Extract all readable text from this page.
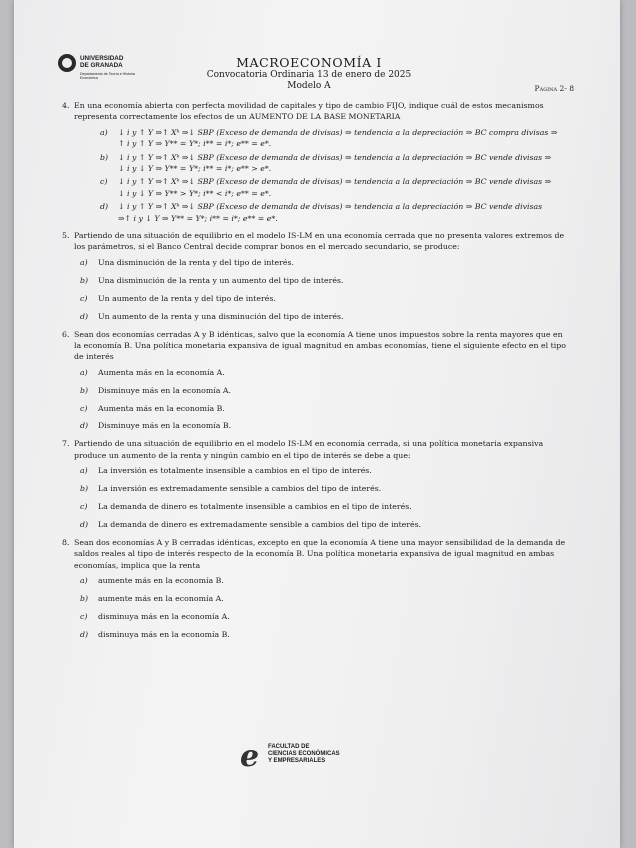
UNIVERSIDAD
DE GRANADA
Departamento de Teoría e Historia
Económica
MACROECONOMÍA I
Convocatoria Ordinaria 13 de enero de 2025
Modelo A	Página 2- 8
4. En una economía abierta con perfecta movilidad de capitales y tipo de cambio FIJO, indique cuál de estos mecanismos representa correctamente los efectos de un AUMENTO DE LA BASE MONETARIA
a) ↓ i y ↑ Y ⇒↑ Xᵏ ⇒↓ SBP (Exceso de demanda de divisas) ⇒ tendencia a la depreciación ⇒ BC compra divisas ⇒
↑ i y ↑ Y ⇒ Y** = Y*; i** = i*; e** = e*.
b) ↓ i y ↑ Y ⇒↑ Xᵏ ⇒↓ SBP (Exceso de demanda de divisas) ⇒ tendencia a la depreciación ⇒ BC vende divisas ⇒
↓ i y ↓ Y ⇒ Y** = Y*; i** = i*; e** > e*.
c) ↓ i y ↑ Y ⇒↑ Xᵏ ⇒↓ SBP (Exceso de demanda de divisas) ⇒ tendencia a la depreciación ⇒ BC vende divisas ⇒
↓ i y ↓ Y ⇒ Y** > Y*; i** < i*; e** = e*.
d) ↓ i y ↑ Y ⇒↑ Xᵏ ⇒↓ SBP (Exceso de demanda de divisas) ⇒ tendencia a la depreciación ⇒ BC vende divisas
⇒↑ i y ↓ Y ⇒ Y** = Y*; i** = i*; e** = e*.
5. Partiendo de una situación de equilibrio en el modelo IS-LM en una economía cerrada que no presenta valores extremos de los parámetros, si el Banco Central decide comprar bonos en el mercado secundario, se produce:
a) Una disminución de la renta y del tipo de interés.
b) Una disminución de la renta y un aumento del tipo de interés.
c) Un aumento de la renta y del tipo de interés.
d) Un aumento de la renta y una disminución del tipo de interés.
6. Sean dos economías cerradas A y B idénticas, salvo que la economía A tiene unos impuestos sobre la renta mayores que en la economía B. Una política monetaria expansiva de igual magnitud en ambas economías, tiene el siguiente efecto en el tipo de interés
a) Aumenta más en la economía A.
b) Disminuye más en la economía A.
c) Aumenta más en la economía B.
d) Disminuye más en la economía B.
7. Partiendo de una situación de equilibrio en el modelo IS-LM en economía cerrada, si una política monetaria expansiva produce un aumento de la renta y ningún cambio en el tipo de interés se debe a que:
a) La inversión es totalmente insensible a cambios en el tipo de interés.
b) La inversión es extremadamente sensible a cambios del tipo de interés.
c) La demanda de dinero es totalmente insensible a cambios en el tipo de interés.
d) La demanda de dinero es extremadamente sensible a cambios del tipo de interés.
8. Sean dos economías A y B cerradas idénticas, excepto en que la economía A tiene una mayor sensibilidad de la demanda de saldos reales al tipo de interés respecto de la economía B. Una política monetaria expansiva de igual magnitud en ambas economías, implica que la renta
a) aumente más en la economía B.
b) aumente más en la economía A.
c) disminuya más en la economía A.
d) disminuya más en la economía B.
e FACULTAD DE
CIENCIAS ECONÓMICAS
Y EMPRESARIALES
